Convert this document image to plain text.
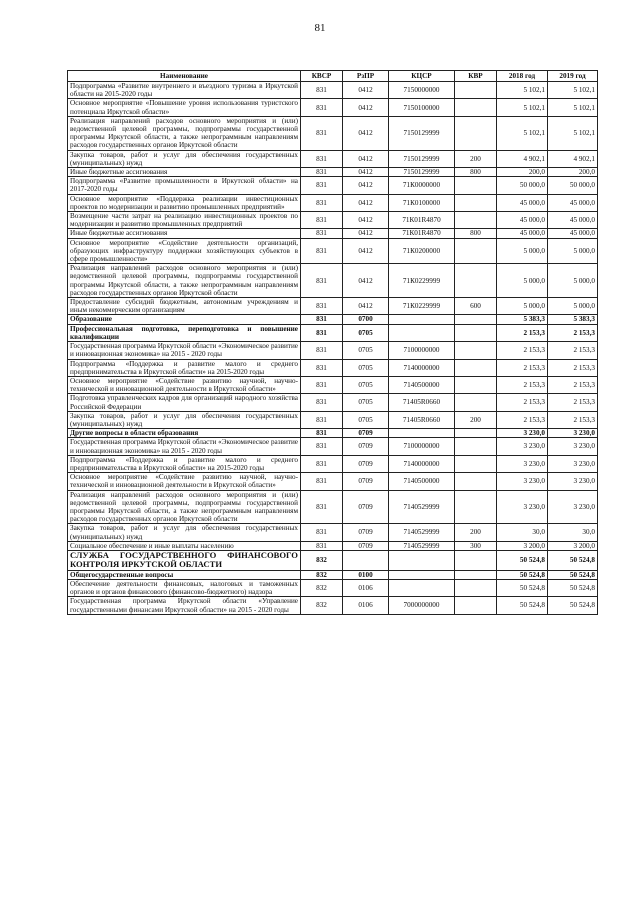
81
Наименование	КВСР	РзПР	КЦСР	КВР	2018 год	2019 год
Подпрограмма «Развитие внутреннего и въездного туризма в Иркутской области на 2015-2020 годы	831	0412	7150000000		5 102,1	5 102,1
Основное мероприятие «Повышение уровня использования туристского потенциала Иркутской области»	831	0412	7150100000		5 102,1	5 102,1
Реализация направлений расходов основного мероприятия и (или) ведомственной целевой программы, подпрограммы государственной программы Иркутской области, а также непрограммным направлениям расходов государственных органов Иркутской области	831	0412	7150129999		5 102,1	5 102,1
Закупка товаров, работ и услуг для обеспечения государственных (муниципальных) нужд	831	0412	7150129999	200	4 902,1	4 902,1
Иные бюджетные ассигнования	831	0412	7150129999	800	200,0	200,0
Подпрограмма «Развитие промышленности в Иркутской области» на 2017-2020 годы	831	0412	71К0000000		50 000,0	50 000,0
Основное мероприятие «Поддержка реализации инвестиционных проектов по модернизации и развитию промышленных предприятий»	831	0412	71К0100000		45 000,0	45 000,0
Возмещение части затрат на реализацию инвестиционных проектов по модернизации и развитию промышленных предприятий	831	0412	71К01R4870		45 000,0	45 000,0
Иные бюджетные ассигнования	831	0412	71К01R4870	800	45 000,0	45 000,0
Основное мероприятие «Содействие деятельности организаций, образующих инфраструктуру поддержки хозяйствующих субъектов в сфере промышленности»	831	0412	71К0200000		5 000,0	5 000,0
Реализация направлений расходов основного мероприятия и (или) ведомственной целевой программы, подпрограммы государственной программы Иркутской области, а также непрограммным направлениям расходов государственных органов Иркутской области	831	0412	71К0229999		5 000,0	5 000,0
Предоставление субсидий бюджетным, автономным учреждениям и иным некоммерческим организациям	831	0412	71К0229999	600	5 000,0	5 000,0
Образование	831	0700			5 383,3	5 383,3
Профессиональная подготовка, переподготовка и повышение квалификации	831	0705			2 153,3	2 153,3
Государственная программа Иркутской области «Экономическое развитие и инновационная экономика» на 2015 - 2020 годы	831	0705	7100000000		2 153,3	2 153,3
Подпрограмма «Поддержка и развитие малого и среднего предпринимательства в Иркутской области» на 2015-2020 годы	831	0705	7140000000		2 153,3	2 153,3
Основное мероприятие «Содействие развитию научной, научно-технической и инновационной деятельности в Иркутской области»	831	0705	7140500000		2 153,3	2 153,3
Подготовка управленческих кадров для организаций народного хозяйства Российской Федерации	831	0705	71405R0660		2 153,3	2 153,3
Закупка товаров, работ и услуг для обеспечения государственных (муниципальных) нужд	831	0705	71405R0660	200	2 153,3	2 153,3
Другие вопросы в области образования	831	0709			3 230,0	3 230,0
Государственная программа Иркутской области «Экономическое развитие и инновационная экономика» на 2015 - 2020 годы	831	0709	7100000000		3 230,0	3 230,0
Подпрограмма «Поддержка и развитие малого и среднего предпринимательства в Иркутской области» на 2015-2020 годы	831	0709	7140000000		3 230,0	3 230,0
Основное мероприятие «Содействие развитию научной, научно-технической и инновационной деятельности в Иркутской области»	831	0709	7140500000		3 230,0	3 230,0
Реализация направлений расходов основного мероприятия и (или) ведомственной целевой программы, подпрограммы государственной программы Иркутской области, а также непрограммным направлениям расходов государственных органов Иркутской области	831	0709	7140529999		3 230,0	3 230,0
Закупка товаров, работ и услуг для обеспечения государственных (муниципальных) нужд	831	0709	7140529999	200	30,0	30,0
Социальное обеспечение и иные выплаты населению	831	0709	7140529999	300	3 200,0	3 200,0
СЛУЖБА ГОСУДАРСТВЕННОГО ФИНАНСОВОГО КОНТРОЛЯ ИРКУТСКОЙ ОБЛАСТИ	832				50 524,8	50 524,8
Общегосударственные вопросы	832	0100			50 524,8	50 524,8
Обеспечение деятельности финансовых, налоговых и таможенных органов и органов финансового (финансово-бюджетного) надзора	832	0106			50 524,8	50 524,8
Государственная программа Иркутской области «Управление государственными финансами Иркутской области» на 2015 - 2020 годы	832	0106	7000000000		50 524,8	50 524,8
